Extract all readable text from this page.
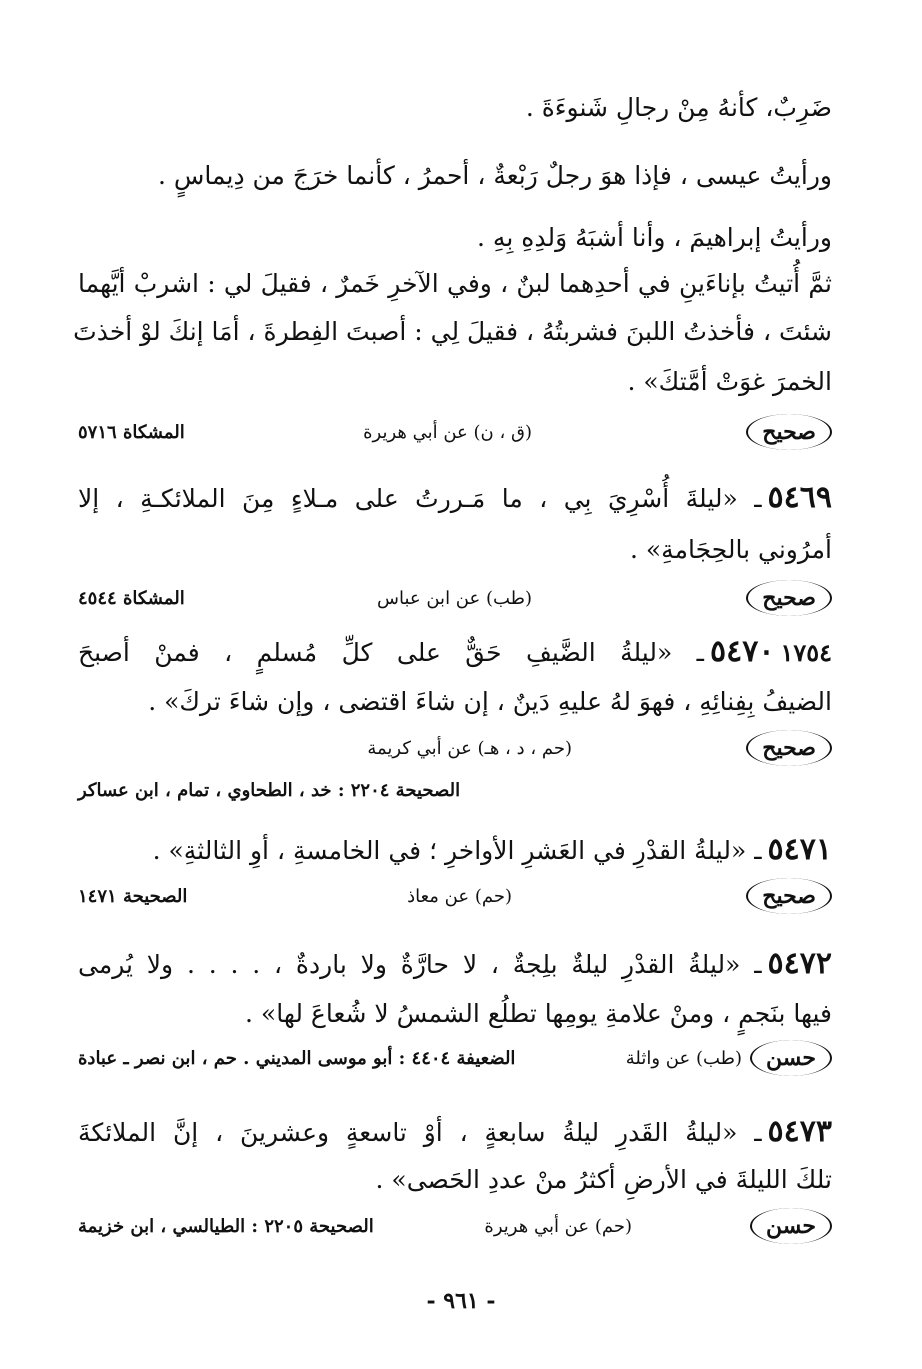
ضَرِبٌ، كأنهُ مِنْ رجالِ شَنوءَةَ .
ورأيتُ عيسى ، فإذا هوَ رجلٌ رَبْعةٌ ، أحمرُ ، كأنما خرَجَ من دِيماسٍ .
ورأيتُ إبراهيمَ ، وأنا أشبَهُ وَلدِهِ بِهِ .
ثمَّ أُتيتُ بإناءَينِ في أحدِهما لبنٌ ، وفي الآخرِ خَمرٌ ، فقيلَ لي : اشربْ أيَّهما
شئتَ ، فأخذتُ اللبنَ فشربتُهُ ، فقيلَ لِي : أصبتَ الفِطرةَ ، أمَا إنكَ لوْ أخذتَ
الخمرَ غوَتْ أمَّتكَ» .
صحيح
(ق ، ن) عن أبي هريرة
المشكاة ٥٧١٦
٥٤٦٩ـ «ليلةَ أُسْرِيَ بِي ، ما مَـررتُ على مـلاءٍ مِنَ الملائكـةِ ، إلا
أمرُوني بالحِجَامةِ» .
صحيح
(طب) عن ابن عباس
المشكاة ٤٥٤٤
٥٤٧٠ ١٧٥٤ـ «ليلةُ الضَّيفِ حَقٌّ على كلِّ مُسلمٍ ، فمنْ أصبحَ
الضيفُ بِفِنائِهِ ، فهوَ لهُ عليهِ دَينٌ ، إن شاءَ اقتضى ، وإن شاءَ تركَ» .
صحيح
(حم ، د ، هـ) عن أبي كريمة
الصحيحة ٢٢٠٤ : خد ، الطحاوي ، تمام ، ابن عساكر
٥٤٧١ـ «ليلةُ القدْرِ في العَشرِ الأواخرِ ؛ في الخامسةِ ، أوِ الثالثةِ» .
صحيح
(حم) عن معاذ
الصحيحة ١٤٧١
٥٤٧٢ـ «ليلةُ القدْرِ ليلةٌ بلِجةٌ ، لا حارَّةٌ ولا باردةٌ ، . . . . ولا يُرمى
فيها بنَجمٍ ، ومنْ علامةِ يومِها تطلُع الشمسُ لا شُعاعَ لها» .
حسن
(طب) عن واثلة
الضعيفة ٤٤٠٤ : أبو موسى المديني . حم ، ابن نصر ـ عبادة
٥٤٧٣ـ «ليلةُ القَدرِ ليلةُ سابعةٍ ، أوْ تاسعةٍ وعشرينَ ، إنَّ الملائكةَ
تلكَ الليلةَ في الأرضِ أكثرُ منْ عددِ الحَصى» .
حسن
(حم) عن أبي هريرة
الصحيحة ٢٢٠٥ : الطيالسي ، ابن خزيمة
- ٩٦١ -
